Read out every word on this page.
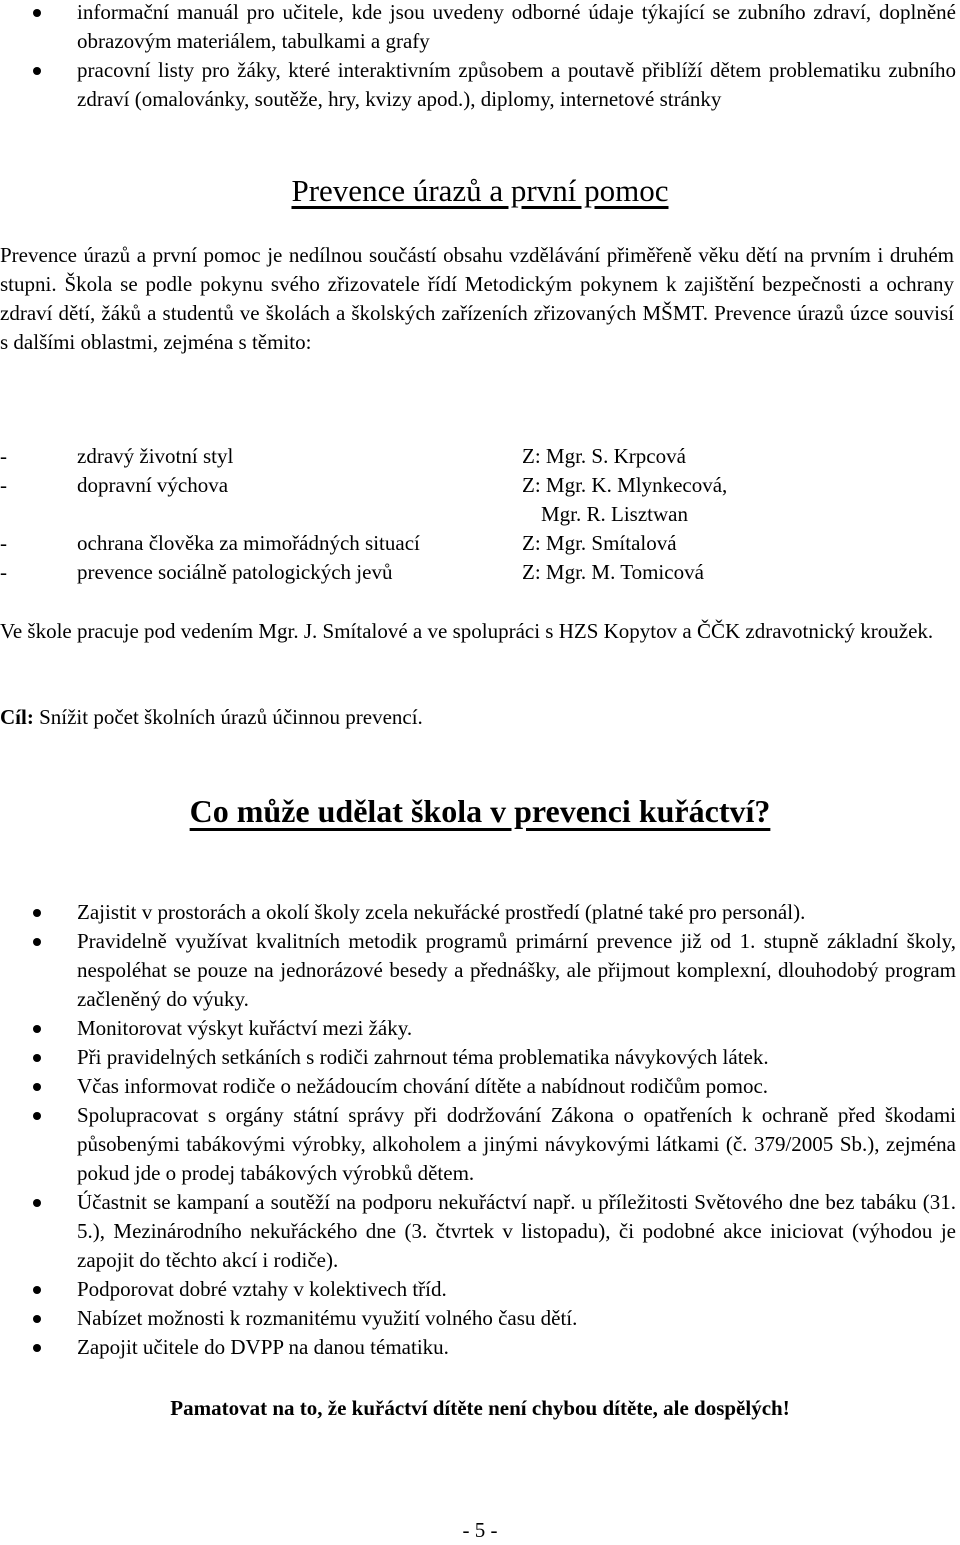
informační manuál pro učitele, kde jsou uvedeny odborné údaje týkající se zubního zdraví, doplněné obrazovým materiálem, tabulkami a grafy
pracovní listy pro žáky, které interaktivním způsobem a poutavě přiblíží dětem problematiku zubního zdraví (omalovánky, soutěže, hry, kvizy apod.), diplomy, internetové stránky
Prevence úrazů a první pomoc
Prevence úrazů a první pomoc je nedílnou součástí obsahu vzdělávání přiměřeně věku dětí na prvním i druhém stupni. Škola se podle pokynu svého zřizovatele řídí Metodickým pokynem k zajištění bezpečnosti a ochrany zdraví dětí, žáků a studentů ve školách a školských zařízeních zřizovaných MŠMT. Prevence úrazů úzce souvisí s dalšími oblastmi, zejména s těmito:
-	zdravý životní styl	Z: Mgr. S. Krpcová
-	dopravní výchova	Z: Mgr. K. Mlynkecová,
Mgr. R. Lisztwan
-	ochrana člověka za mimořádných situací	Z: Mgr. Smítalová
-	prevence sociálně patologických jevů	Z: Mgr. M. Tomicová
Ve škole pracuje pod vedením Mgr. J. Smítalové a ve spolupráci s HZS Kopytov a ČČK zdravotnický kroužek.
Cíl: Snížit počet školních úrazů účinnou prevencí.
Co může udělat škola v prevenci kuřáctví?
Zajistit v prostorách a okolí školy zcela nekuřácké prostředí (platné také pro personál).
Pravidelně využívat kvalitních metodik programů primární prevence již od 1. stupně základní školy, nespoléhat se pouze na jednorázové besedy a přednášky, ale přijmout komplexní, dlouhodobý program začleněný do výuky.
Monitorovat výskyt kuřáctví mezi žáky.
Při pravidelných setkáních s rodiči zahrnout téma problematika návykových látek.
Včas informovat rodiče o nežádoucím chování dítěte a nabídnout rodičům pomoc.
Spolupracovat s orgány státní správy při dodržování Zákona o opatřeních k ochraně před škodami působenými tabákovými výrobky, alkoholem a jinými návykovými látkami (č. 379/2005 Sb.), zejména pokud jde o prodej tabákových výrobků dětem.
Účastnit se kampaní a soutěží na podporu nekuřáctví např. u příležitosti Světového dne bez tabáku (31. 5.), Mezinárodního nekuřáckého dne (3. čtvrtek v listopadu), či podobné akce iniciovat (výhodou je zapojit do těchto akcí i rodiče).
Podporovat dobré vztahy v kolektivech tříd.
Nabízet možnosti k rozmanitému využití volného času dětí.
Zapojit učitele do DVPP na danou tématiku.
Pamatovat na to, že kuřáctví dítěte není chybou dítěte, ale dospělých!
- 5 -
